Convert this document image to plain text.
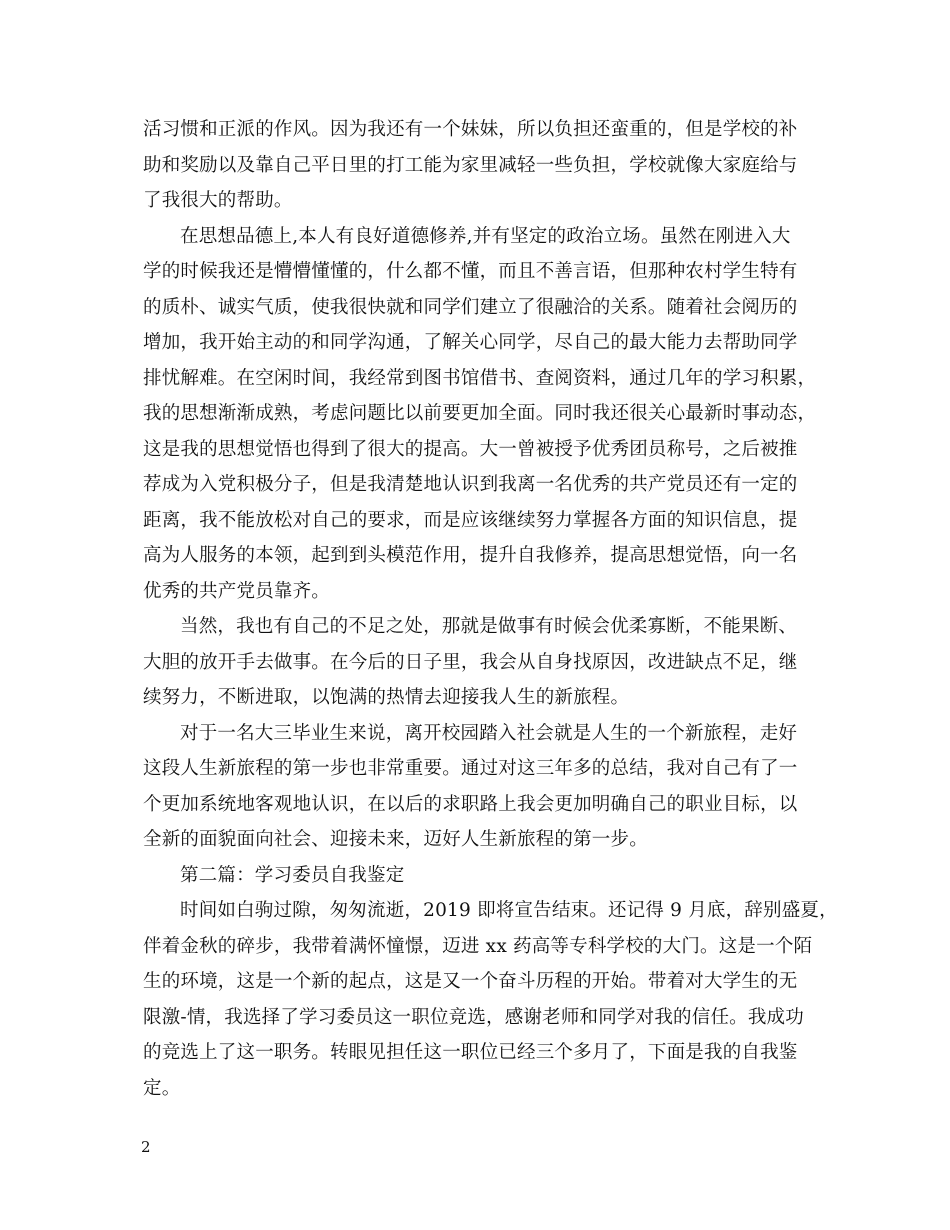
活习惯和正派的作风。因为我还有一个妹妹，所以负担还蛮重的，但是学校的补
助和奖励以及靠自己平日里的打工能为家里减轻一些负担，学校就像大家庭给与
了我很大的帮助。
在思想品德上,本人有良好道德修养,并有坚定的政治立场。虽然在刚进入大
学的时候我还是懵懵懂懂的，什么都不懂，而且不善言语，但那种农村学生特有
的质朴、诚实气质，使我很快就和同学们建立了很融洽的关系。随着社会阅历的
增加，我开始主动的和同学沟通，了解关心同学，尽自己的最大能力去帮助同学
排忧解难。在空闲时间，我经常到图书馆借书、查阅资料，通过几年的学习积累，
我的思想渐渐成熟，考虑问题比以前要更加全面。同时我还很关心最新时事动态，
这是我的思想觉悟也得到了很大的提高。大一曾被授予优秀团员称号，之后被推
荐成为入党积极分子，但是我清楚地认识到我离一名优秀的共产党员还有一定的
距离，我不能放松对自己的要求，而是应该继续努力掌握各方面的知识信息，提
高为人服务的本领，起到到头模范作用，提升自我修养，提高思想觉悟，向一名
优秀的共产党员靠齐。
当然，我也有自己的不足之处，那就是做事有时候会优柔寡断，不能果断、
大胆的放开手去做事。在今后的日子里，我会从自身找原因，改进缺点不足，继
续努力，不断进取，以饱满的热情去迎接我人生的新旅程。
对于一名大三毕业生来说，离开校园踏入社会就是人生的一个新旅程，走好
这段人生新旅程的第一步也非常重要。通过对这三年多的总结，我对自己有了一
个更加系统地客观地认识，在以后的求职路上我会更加明确自己的职业目标，以
全新的面貌面向社会、迎接未来，迈好人生新旅程的第一步。
第二篇：学习委员自我鉴定
时间如白驹过隙，匆匆流逝，2019 即将宣告结束。还记得 9 月底，辞别盛夏，
伴着金秋的碎步，我带着满怀憧憬，迈进 xx 药高等专科学校的大门。这是一个陌
生的环境，这是一个新的起点，这是又一个奋斗历程的开始。带着对大学生的无
限激-情，我选择了学习委员这一职位竞选，感谢老师和同学对我的信任。我成功
的竞选上了这一职务。转眼见担任这一职位已经三个多月了，下面是我的自我鉴
定。
2
